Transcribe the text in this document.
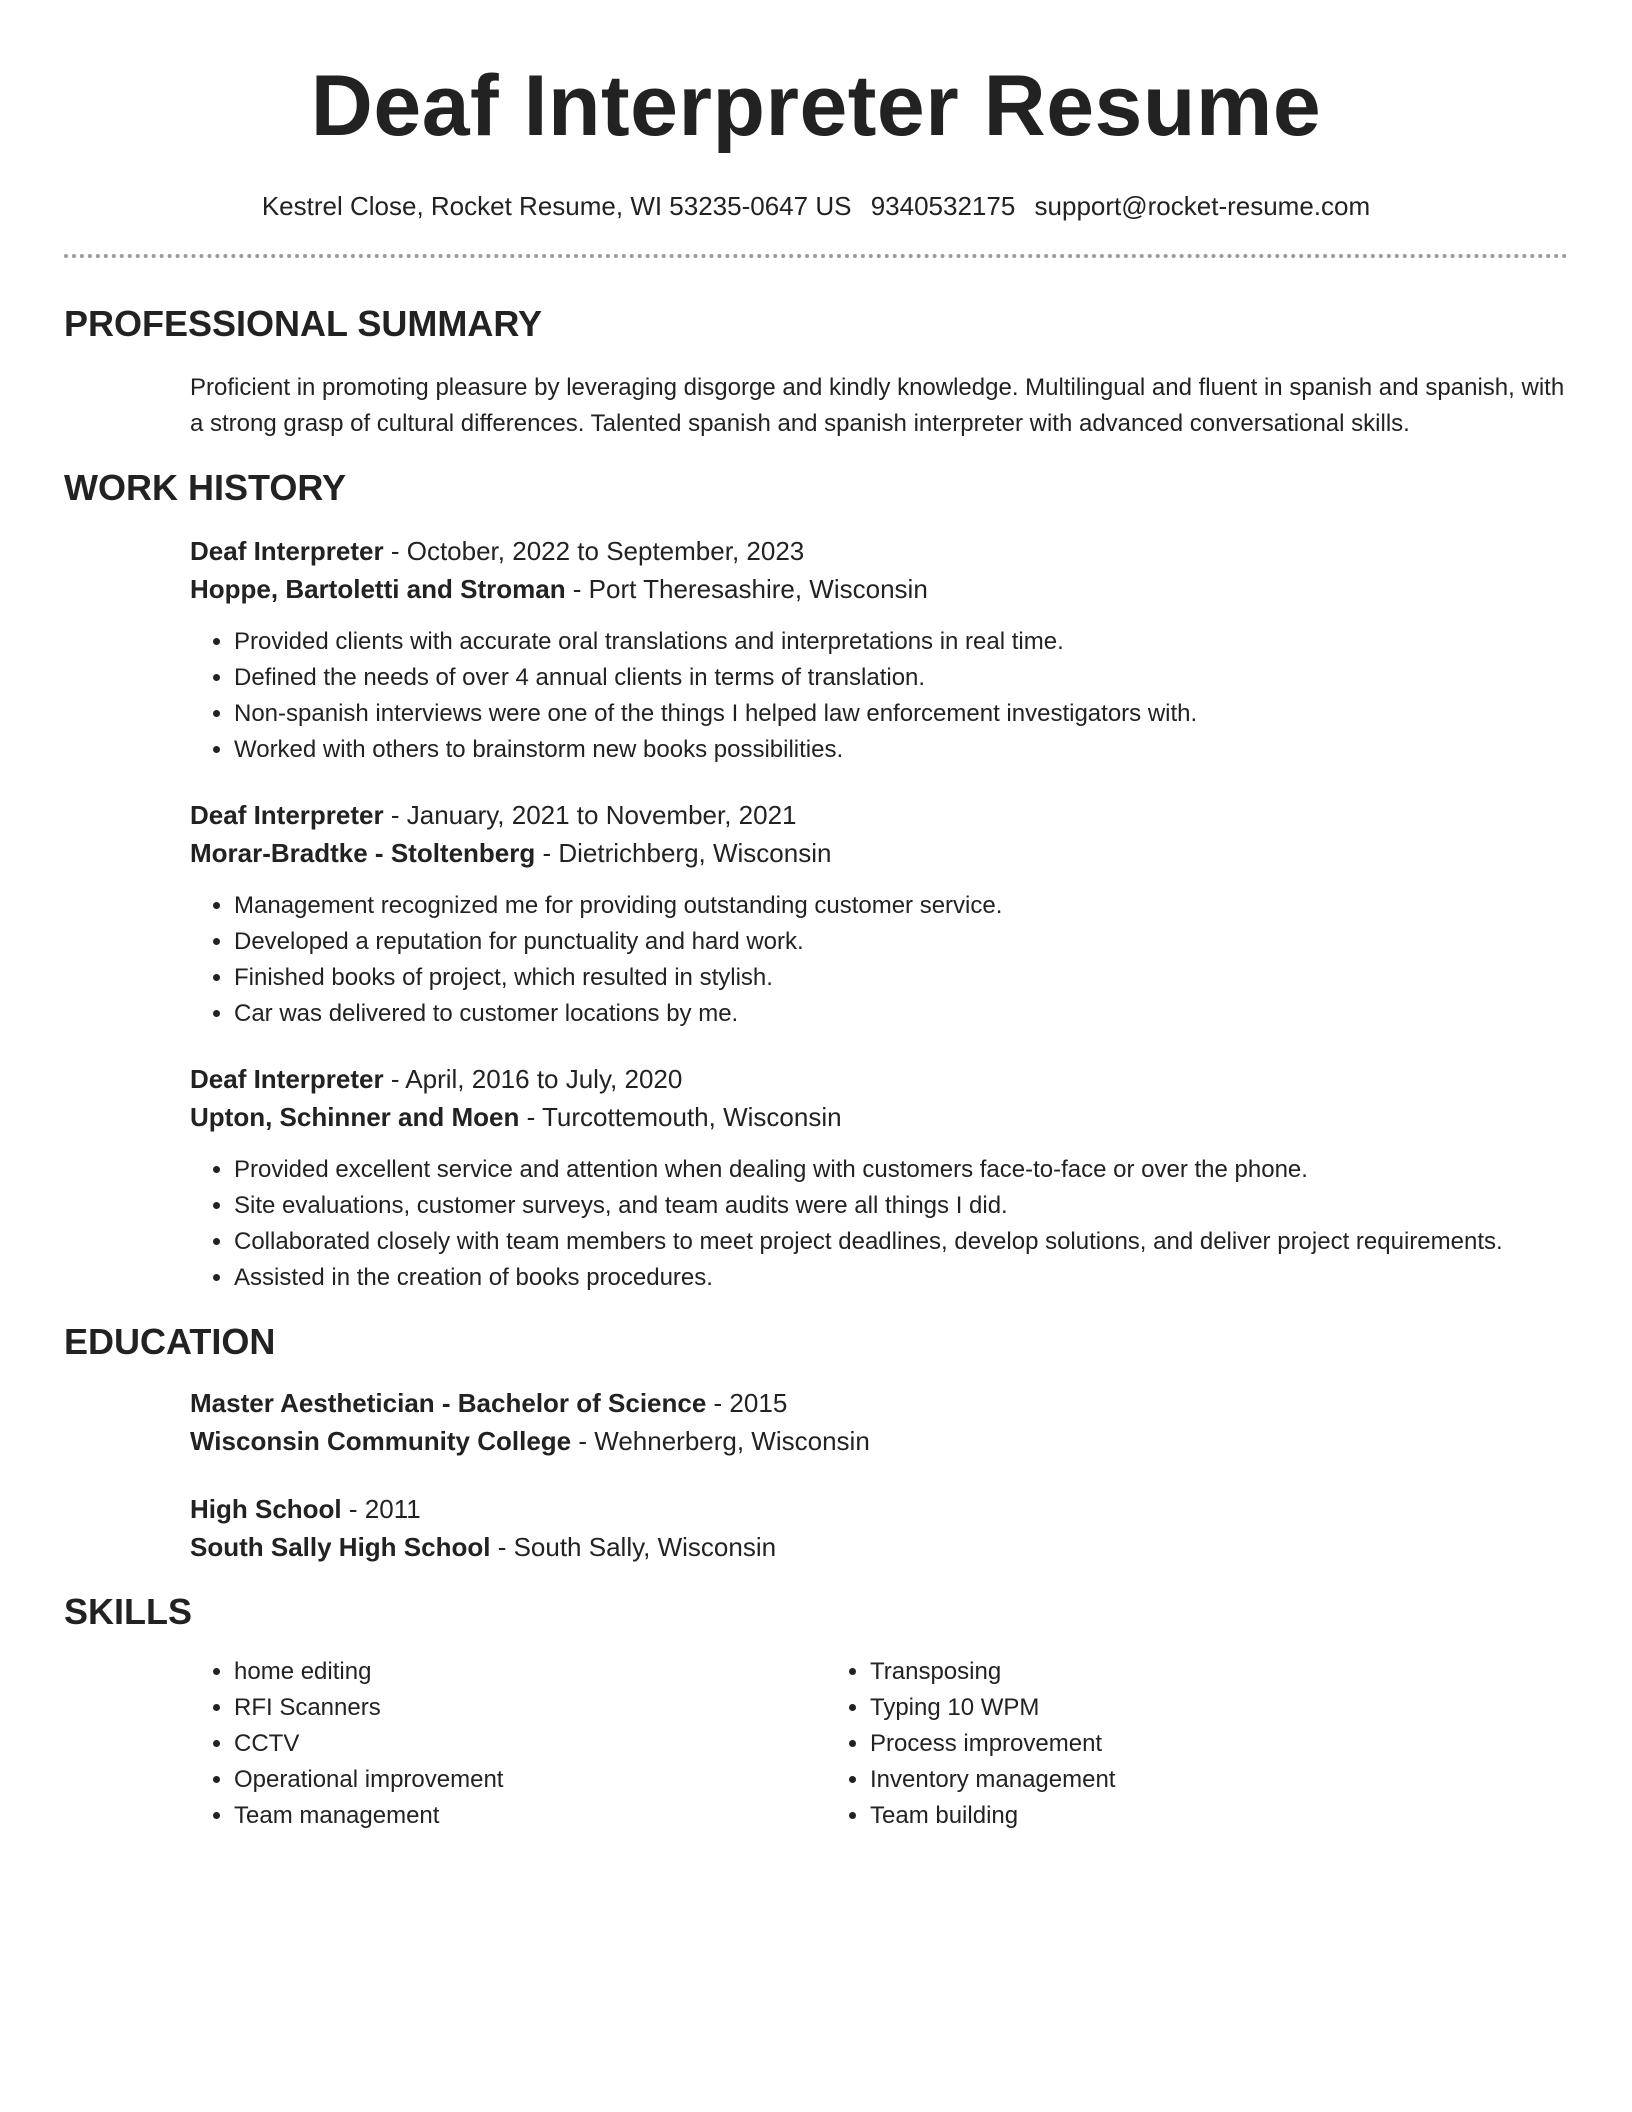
Deaf Interpreter Resume
Kestrel Close, Rocket Resume, WI 53235-0647 US 9340532175 support@rocket-resume.com
PROFESSIONAL SUMMARY

Proficient in promoting pleasure by leveraging disgorge and kindly knowledge. Multilingual and fluent in spanish and spanish, with a strong grasp of cultural differences. Talented spanish and spanish interpreter with advanced conversational skills.

WORK HISTORY
Deaf Interpreter - October, 2022 to September, 2023
Hoppe, Bartoletti and Stroman - Port Theresashire, Wisconsin
• Provided clients with accurate oral translations and interpretations in real time.
• Defined the needs of over 4 annual clients in terms of translation.
• Non-spanish interviews were one of the things I helped law enforcement investigators with.
• Worked with others to brainstorm new books possibilities.
Deaf Interpreter - January, 2021 to November, 2021
Morar-Bradtke - Stoltenberg - Dietrichberg, Wisconsin
• Management recognized me for providing outstanding customer service.
• Developed a reputation for punctuality and hard work.
• Finished books of project, which resulted in stylish.
• Car was delivered to customer locations by me.
Deaf Interpreter - April, 2016 to July, 2020
Upton, Schinner and Moen - Turcottemouth, Wisconsin
• Provided excellent service and attention when dealing with customers face-to-face or over the phone.
• Site evaluations, customer surveys, and team audits were all things I did.
• Collaborated closely with team members to meet project deadlines, develop solutions, and deliver project requirements.
• Assisted in the creation of books procedures.
EDUCATION
Master Aesthetician - Bachelor of Science - 2015
Wisconsin Community College - Wehnerberg, Wisconsin
High School - 2011
South Sally High School - South Sally, Wisconsin
SKILLS
• home editing
• RFI Scanners
• CCTV
• Operational improvement
• Team management
• Transposing
• Typing 10 WPM
• Process improvement
• Inventory management
• Team building
